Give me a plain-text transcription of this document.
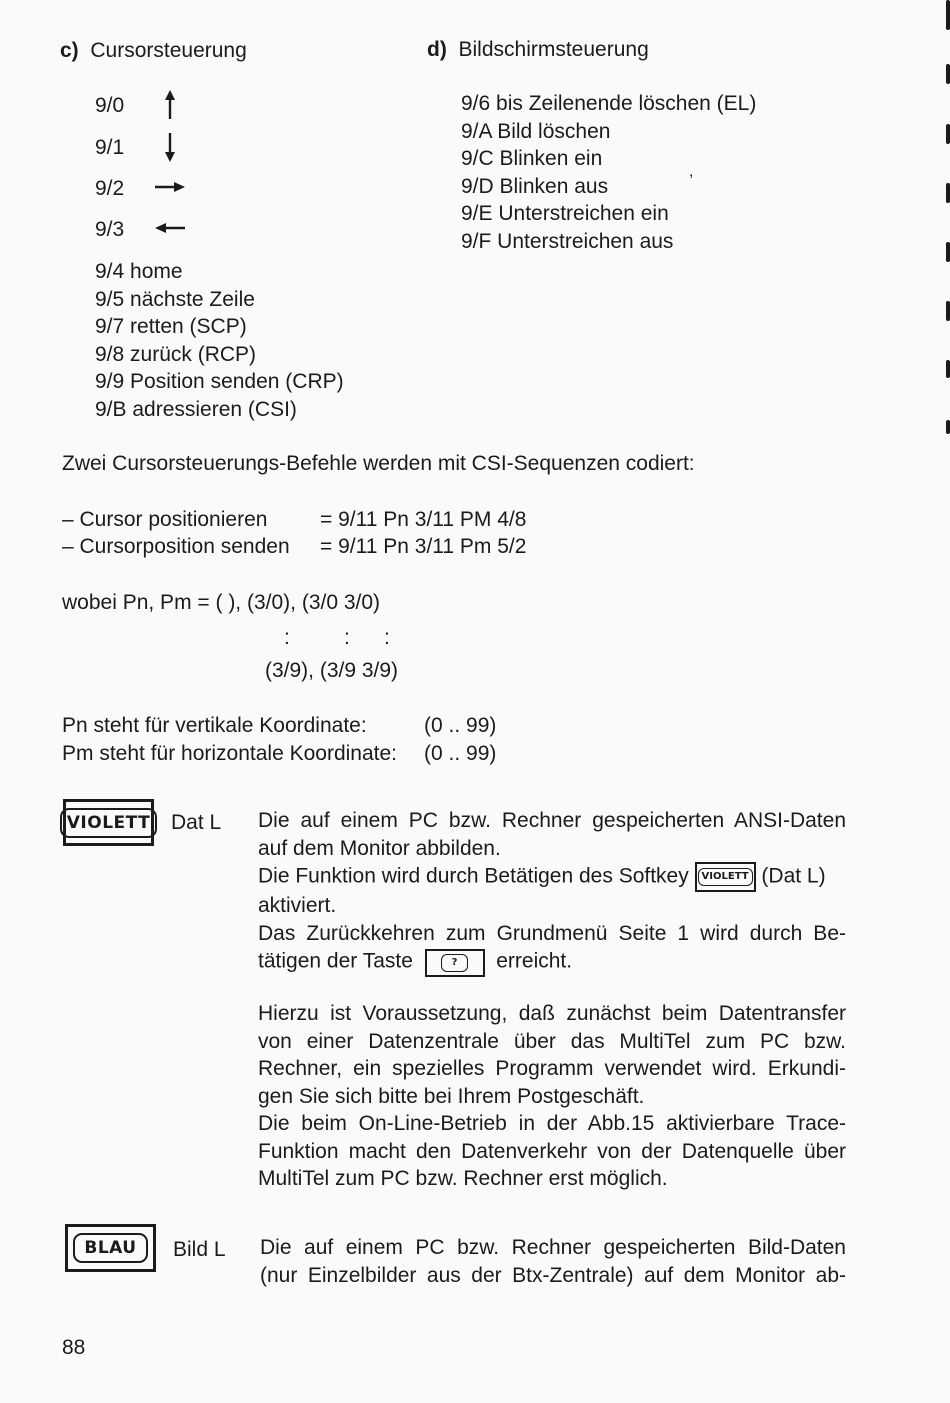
c) Cursorsteuerung
9/0
9/1
9/2
9/3
9/4 home
9/5 nächste Zeile
9/7 retten (SCP)
9/8 zurück (RCP)
9/9 Position senden (CRP)
9/B adressieren (CSI)
d) Bildschirmsteuerung
9/6 bis Zeilenende löschen (EL)
9/A Bild löschen
9/C Blinken ein
9/D Blinken aus
9/E Unterstreichen ein
9/F Unterstreichen aus
,
Zwei Cursorsteuerungs-Befehle werden mit CSI-Sequenzen codiert:
– Cursor positionieren	= 9/11 Pn 3/11 PM 4/8
– Cursorposition senden = 9/11 Pn 3/11 Pm 5/2
wobei Pn, Pm = ( ), (3/0), (3/0 3/0)
:	: :
(3/9), (3/9 3/9)
Pn steht für vertikale Koordinate:	(0 .. 99)
Pm steht für horizontale Koordinate: (0 .. 99)
VIOLETT Dat L Die auf einem PC bzw. Rechner gespeicherten ANSI-Daten

auf dem Monitor abbilden.

Die Funktion wird durch Betätigen des Softkey	VIOLETT (Dat L)

aktiviert.

Das Zurückkehren zum Grundmenü Seite 1 wird durch Be-

tätigen der Taste	?	erreicht.

Hierzu ist Voraussetzung, daß zunächst beim Datentransfer

von einer Datenzentrale über das MultiTel zum PC bzw.

Rechner, ein spezielles Programm verwendet wird. Erkundi-

gen Sie sich bitte bei Ihrem Postgeschäft.

Die beim On-Line-Betrieb in der Abb.15 aktivierbare Trace-

Funktion macht den Datenverkehr von der Datenquelle über

MultiTel zum PC bzw. Rechner erst möglich.

BLAU	Bild L Die auf einem PC bzw. Rechner gespeicherten Bild-Daten

(nur Einzelbilder aus der Btx-Zentrale) auf dem Monitor ab-

88
